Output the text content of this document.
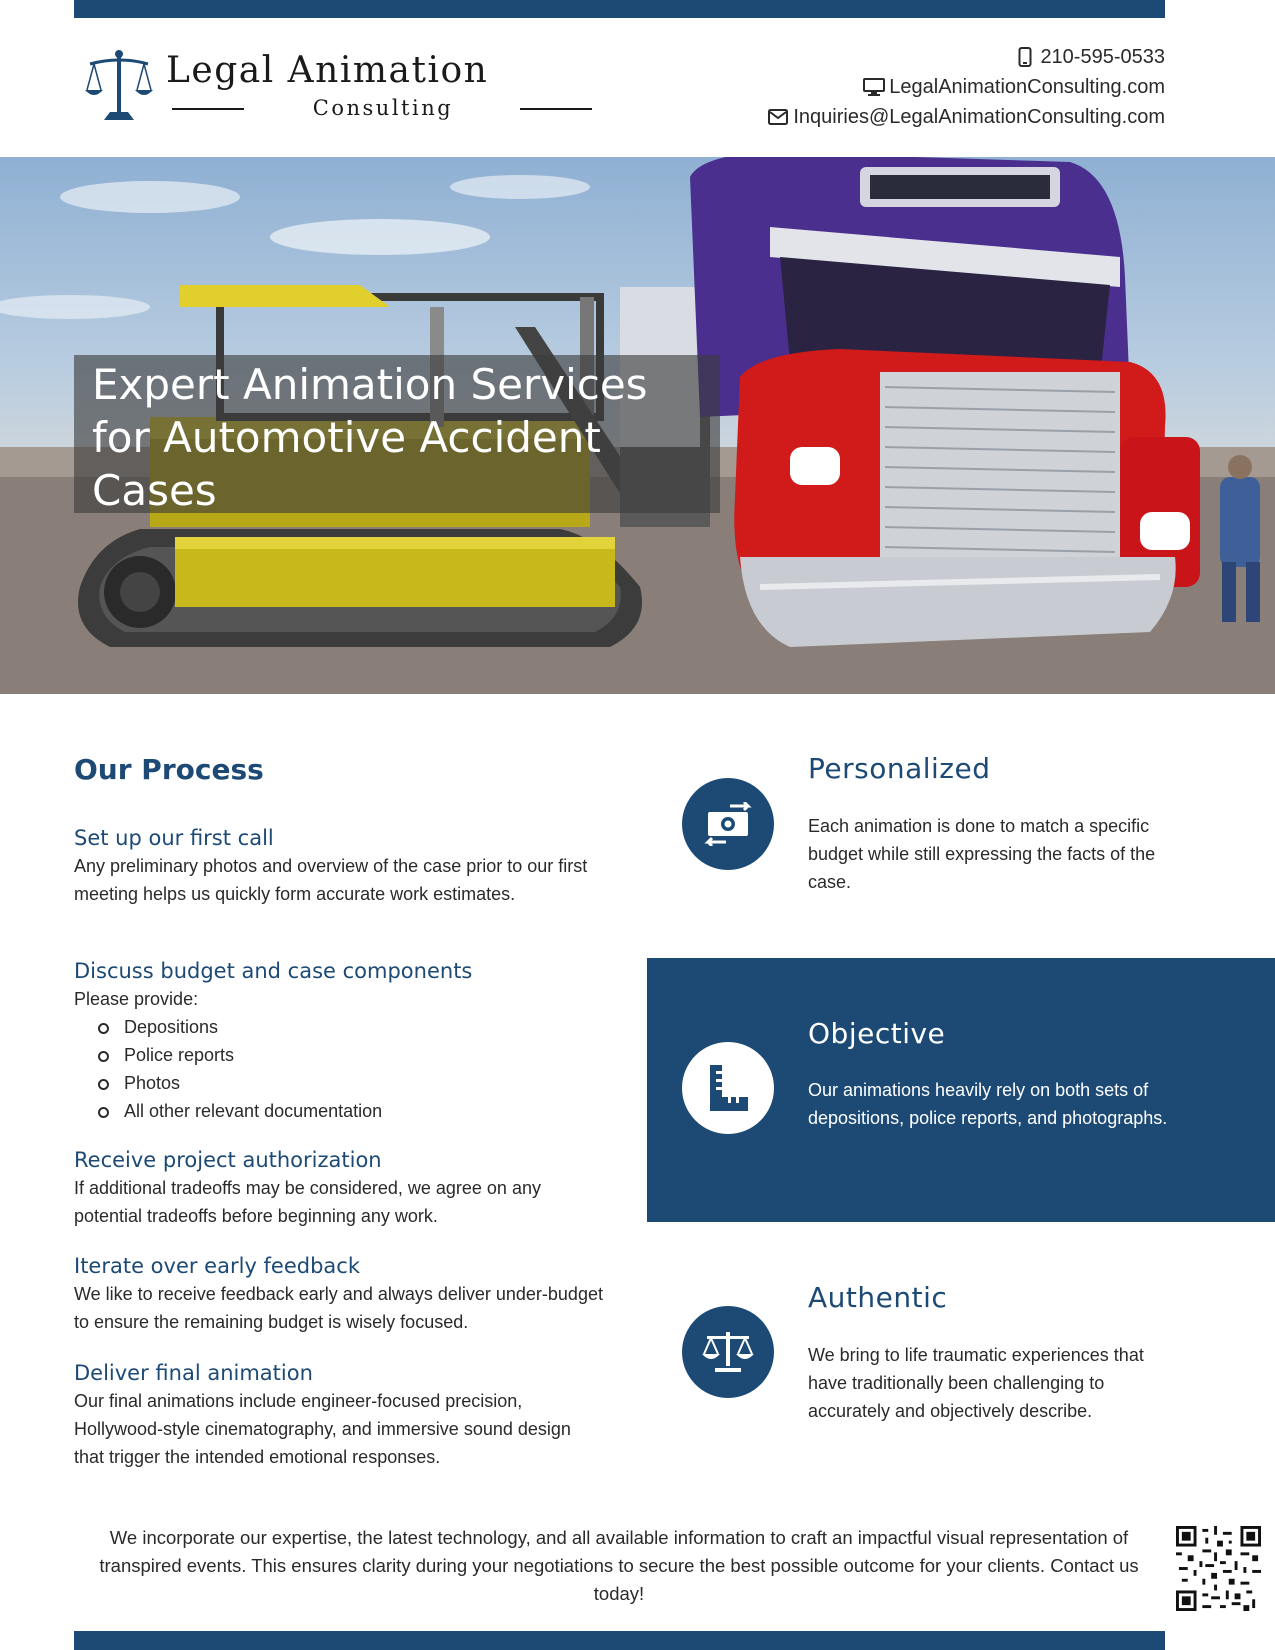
Legal Animation
Consulting
210-595-0533
LegalAnimationConsulting.com
Inquiries@LegalAnimationConsulting.com
Expert Animation Services for Automotive Accident Cases
Our Process
Set up our first call

Any preliminary photos and overview of the case prior to our first meeting helps us quickly form accurate work estimates.

Discuss budget and case components

Please provide:

Depositions
Police reports
Photos
All other relevant documentation
Receive project authorization

If additional tradeoffs may be considered, we agree on any potential tradeoffs before beginning any work.

Iterate over early feedback

We like to receive feedback early and always deliver under-budget to ensure the remaining budget is wisely focused.

Deliver final animation

Our final animations include engineer-focused precision, Hollywood-style cinematography, and immersive sound design that trigger the intended emotional responses.

Personalized

Each animation is done to match a specific budget while still expressing the facts of the case.

Objective

Our animations heavily rely on both sets of depositions, police reports, and photographs.

Authentic

We bring to life traumatic experiences that have traditionally been challenging to accurately and objectively describe.

We incorporate our expertise, the latest technology, and all available information to craft an impactful visual representation of transpired events. This ensures clarity during your negotiations to secure the best possible outcome for your clients. Contact us today!
